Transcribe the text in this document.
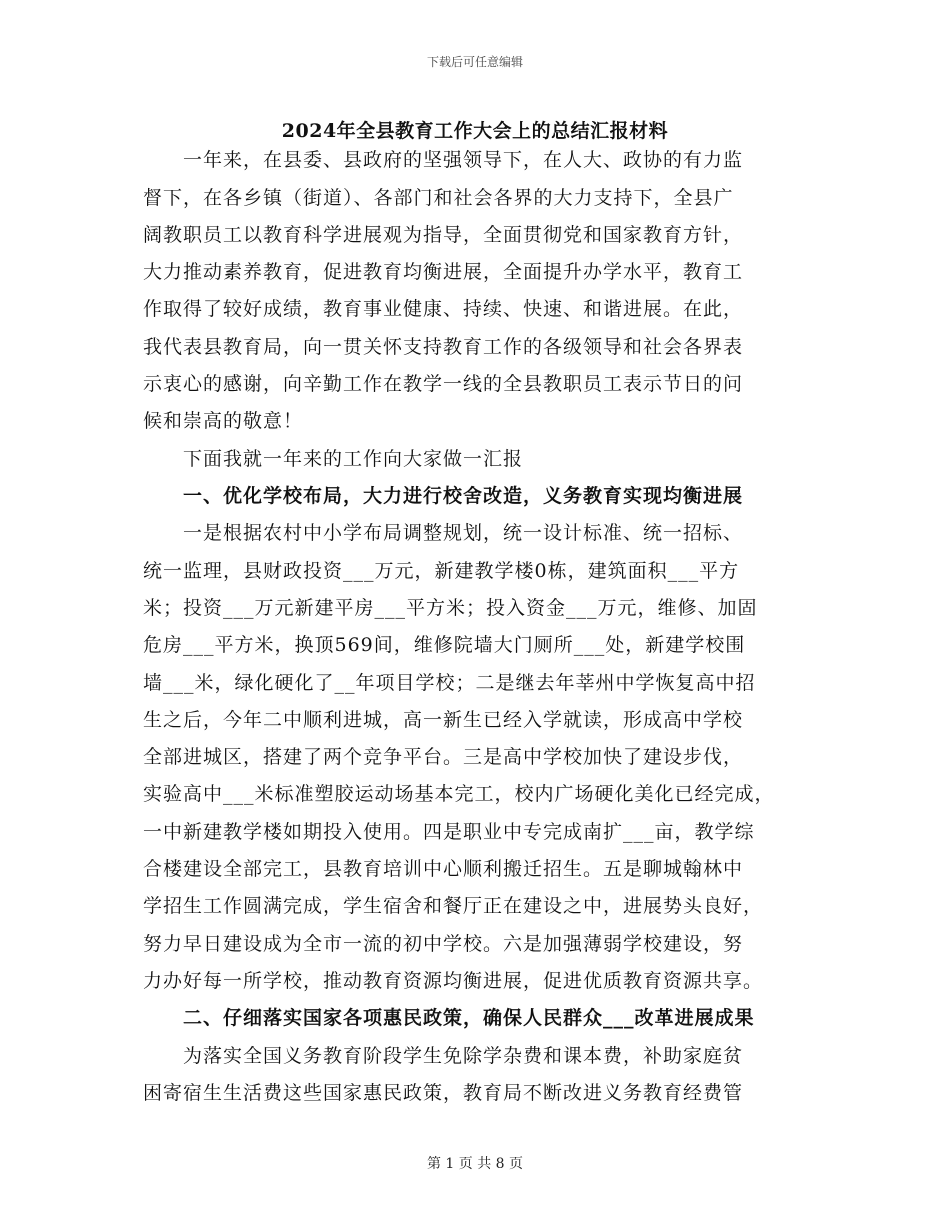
下载后可任意编辑
2024年全县教育工作大会上的总结汇报材料
　　一年来，在县委、县政府的坚强领导下，在人大、政协的有力监
督下，在各乡镇（街道）、各部门和社会各界的大力支持下，全县广
阔教职员工以教育科学进展观为指导，全面贯彻党和国家教育方针，
大力推动素养教育，促进教育均衡进展，全面提升办学水平，教育工
作取得了较好成绩，教育事业健康、持续、快速、和谐进展。在此，
我代表县教育局，向一贯关怀支持教育工作的各级领导和社会各界表
示衷心的感谢，向辛勤工作在教学一线的全县教职员工表示节日的问
候和崇高的敬意！
　　下面我就一年来的工作向大家做一汇报
　　一、优化学校布局，大力进行校舍改造，义务教育实现均衡进展
　　一是根据农村中小学布局调整规划，统一设计标准、统一招标、
统一监理，县财政投资___万元，新建教学楼0栋，建筑面积___平方
米；投资___万元新建平房___平方米；投入资金___万元，维修、加固
危房___平方米，换顶569间，维修院墙大门厕所___处，新建学校围
墙___米，绿化硬化了__年项目学校；二是继去年莘州中学恢复高中招
生之后，今年二中顺利进城，高一新生已经入学就读，形成高中学校
全部进城区，搭建了两个竞争平台。三是高中学校加快了建设步伐，
实验高中___米标准塑胶运动场基本完工，校内广场硬化美化已经完成，
一中新建教学楼如期投入使用。四是职业中专完成南扩___亩，教学综
合楼建设全部完工，县教育培训中心顺利搬迁招生。五是聊城翰林中
学招生工作圆满完成，学生宿舍和餐厅正在建设之中，进展势头良好，
努力早日建设成为全市一流的初中学校。六是加强薄弱学校建设，努
力办好每一所学校，推动教育资源均衡进展，促进优质教育资源共享。
　　二、仔细落实国家各项惠民政策，确保人民群众___改革进展成果
　　为落实全国义务教育阶段学生免除学杂费和课本费，补助家庭贫
困寄宿生生活费这些国家惠民政策，教育局不断改进义务教育经费管
第 1 页 共 8 页
